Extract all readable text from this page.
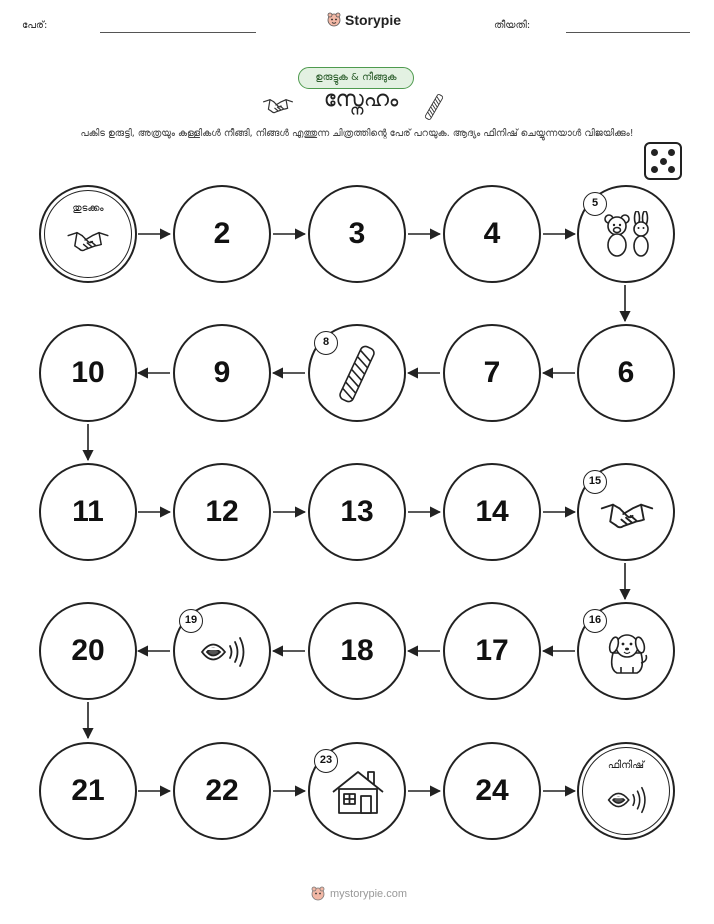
പേര്:	Storypie	തീയതി:
ഉരുട്ടുക & നീങ്ങുക
സ്നേഹം
പകിട ഉരുട്ടി, അത്രയും കള്ളികൾ നീങ്ങി, നിങ്ങൾ എത്തുന്ന ചിത്രത്തിന്റെ പേര് പറയുക. ആദ്യം ഫിനിഷ് ചെയ്യുന്നയാൾ വിജയിക്കും!
തുടക്കം
2	3	4
5
10	9
8
7	6
11	12	13	14
15
20
19
18	17
16
21	22
23
24
ഫിനിഷ്
mystorypie.com
